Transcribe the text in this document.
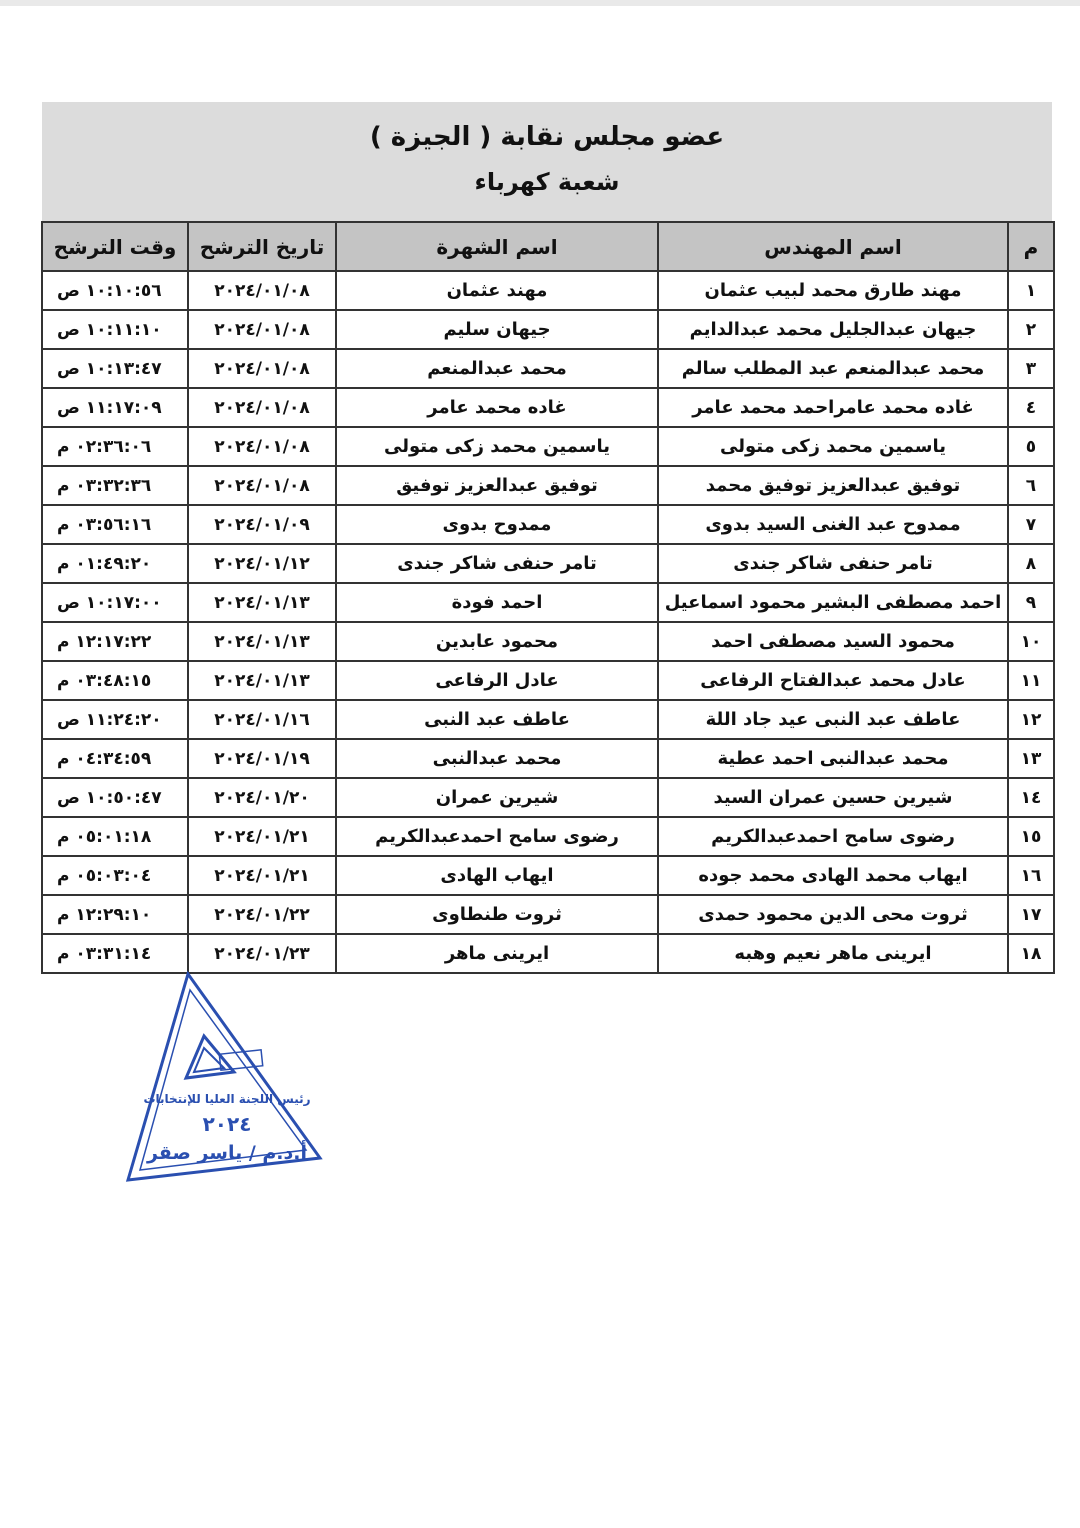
عضو مجلس نقابة ( الجيزة )
شعبة كهرباء
م	اسم المهندس	اسم الشهرة	تاريخ الترشح	وقت الترشح
١	مهند طارق محمد لبيب عثمان	مهند عثمان	٢٠٢٤/٠١/٠٨	١٠:١٠:٥٦ ص
٢	جيهان عبدالجليل محمد عبدالدايم	جيهان سليم	٢٠٢٤/٠١/٠٨	١٠:١١:١٠ ص
٣	محمد عبدالمنعم عبد المطلب سالم	محمد عبدالمنعم	٢٠٢٤/٠١/٠٨	١٠:١٣:٤٧ ص
٤	غاده محمد عامراحمد محمد عامر	غاده محمد عامر	٢٠٢٤/٠١/٠٨	١١:١٧:٠٩ ص
٥	ياسمين محمد زكى متولى	ياسمين محمد زكى متولى	٢٠٢٤/٠١/٠٨	٠٢:٣٦:٠٦ م
٦	توفيق عبدالعزيز توفيق محمد	توفيق عبدالعزيز توفيق	٢٠٢٤/٠١/٠٨	٠٣:٣٢:٣٦ م
٧	ممدوح عبد الغنى السيد بدوى	ممدوح بدوى	٢٠٢٤/٠١/٠٩	٠٣:٥٦:١٦ م
٨	تامر حنفى شاكر جندى	تامر حنفى شاكر جندى	٢٠٢٤/٠١/١٢	٠١:٤٩:٢٠ م
٩	احمد مصطفى البشير محمود اسماعيل	احمد فودة	٢٠٢٤/٠١/١٣	١٠:١٧:٠٠ ص
١٠	محمود السيد مصطفى احمد	محمود عابدين	٢٠٢٤/٠١/١٣	١٢:١٧:٢٢ م
١١	عادل محمد عبدالفتاح الرفاعى	عادل الرفاعى	٢٠٢٤/٠١/١٣	٠٣:٤٨:١٥ م
١٢	عاطف عبد النبى عيد جاد اللة	عاطف عبد النبى	٢٠٢٤/٠١/١٦	١١:٢٤:٢٠ ص
١٣	محمد عبدالنبى احمد عطية	محمد عبدالنبى	٢٠٢٤/٠١/١٩	٠٤:٣٤:٥٩ م
١٤	شيرين حسين عمران السيد	شيرين عمران	٢٠٢٤/٠١/٢٠	١٠:٥٠:٤٧ ص
١٥	رضوى سامح احمدعبدالكريم	رضوى سامح احمدعبدالكريم	٢٠٢٤/٠١/٢١	٠٥:٠١:١٨ م
١٦	ايهاب محمد الهادى محمد جوده	ايهاب الهادى	٢٠٢٤/٠١/٢١	٠٥:٠٣:٠٤ م
١٧	ثروت محى الدين محمود حمدى	ثروت طنطاوى	٢٠٢٤/٠١/٢٢	١٢:٢٩:١٠ م
١٨	ايرينى ماهر نعيم وهبه	ايرينى ماهر	٢٠٢٤/٠١/٢٣	٠٣:٣١:١٤ م
رئيس اللجنة العليا للإنتخابات
٢٠٢٤
أ.د.م / ياسر صقر
